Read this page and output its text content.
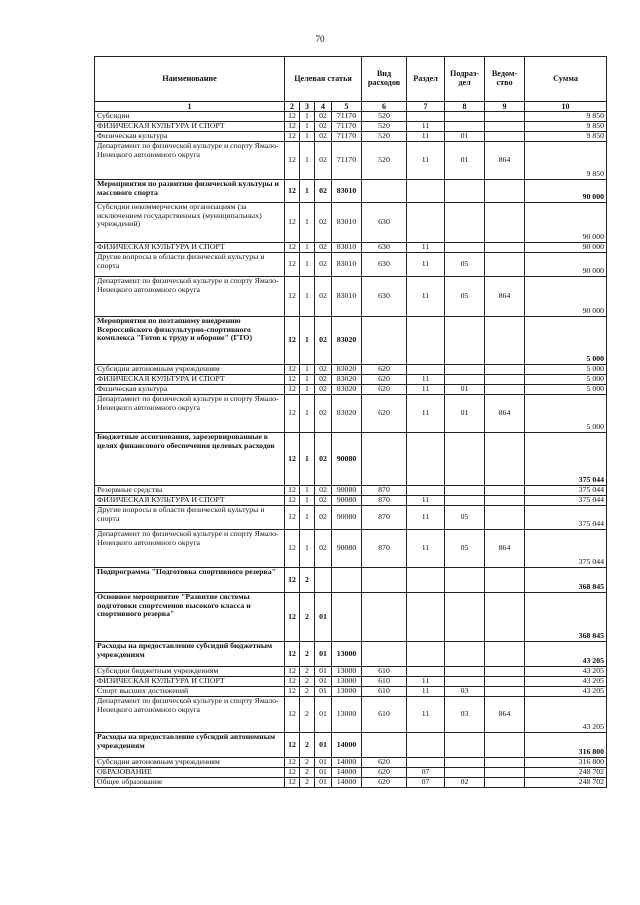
70
Наименование	Целевая статья				Вид расходов	Раздел	Подраз-дел	Ведом-ство	Сумма
1	2	3	4	5	6	7	8	9	10
Субсидии	12	1	02	71170	520				9 850
ФИЗИЧЕСКАЯ КУЛЬТУРА И СПОРТ	12	1	02	71170	520	11			9 850
Физическая культура	12	1	02	71170	520	11	01		9 850
Департамент по физической культуре и спорту Ямало-Ненецкого автономного округа	12	1	02	71170	520	11	01	864	9 850
Мероприятия по развитию физической культуры и массового спорта	12	1	02	83010					90 000
Субсидии некоммерческим организациям (за исключением государственных (муниципальных) учреждений)	12	1	02	83010	630				90 000
ФИЗИЧЕСКАЯ КУЛЬТУРА И СПОРТ	12	1	02	83010	630	11			90 000
Другие вопросы в области физической культуры и спорта	12	1	02	83010	630	11	05		90 000
Департамент по физической культуре и спорту Ямало-Ненецкого автономного округа	12	1	02	83010	630	11	05	864	90 000
Мероприятия по поэтапному внедрению Всероссийского физкультурно-спортивного комплекса "Готов к труду и обороне" (ГТО)	12	1	02	83020					5 000
Субсидии автономным учреждениям	12	1	02	83020	620				5 000
ФИЗИЧЕСКАЯ КУЛЬТУРА И СПОРТ	12	1	02	83020	620	11			5 000
Физическая культура	12	1	02	83020	620	11	01		5 000
Департамент по физической культуре и спорту Ямало-Ненецкого автономного округа	12	1	02	83020	620	11	01	864	5 000
Бюджетные ассигнования, зарезервированные в целях финансового обеспечения целевых расходов	12	1	02	90080					375 044
Резервные средства	12	1	02	90080	870				375 044
ФИЗИЧЕСКАЯ КУЛЬТУРА И СПОРТ	12	1	02	90080	870	11			375 044
Другие вопросы в области физической культуры и спорта	12	1	02	90080	870	11	05		375 044
Департамент по физической культуре и спорту Ямало-Ненецкого автономного округа	12	1	02	90080	870	11	05	864	375 044
Подпрограмма "Подготовка спортивного резерва"	12	2							368 845
Основное мероприятие "Развитие системы подготовки спортсменов высокого класса и спортивного резерва"	12	2	01						368 845
Расходы на предоставление субсидий бюджетным учреждениям	12	2	01	13000					43 205
Субсидии бюджетным учреждениям	12	2	01	13000	610				43 205
ФИЗИЧЕСКАЯ КУЛЬТУРА И СПОРТ	12	2	01	13000	610	11			43 205
Спорт высших достижений	12	2	01	13000	610	11	03		43 205
Департамент по физической культуре и спорту Ямало-Ненецкого автономного округа	12	2	01	13000	610	11	03	864	43 205
Расходы на предоставление субсидий автономным учреждениям	12	2	01	14000					316 800
Субсидии автономным учреждениям	12	2	01	14000	620				316 800
ОБРАЗОВАНИЕ	12	2	01	14000	620	07			248 702
Общее образование	12	2	01	14000	620	07	02		248 702
